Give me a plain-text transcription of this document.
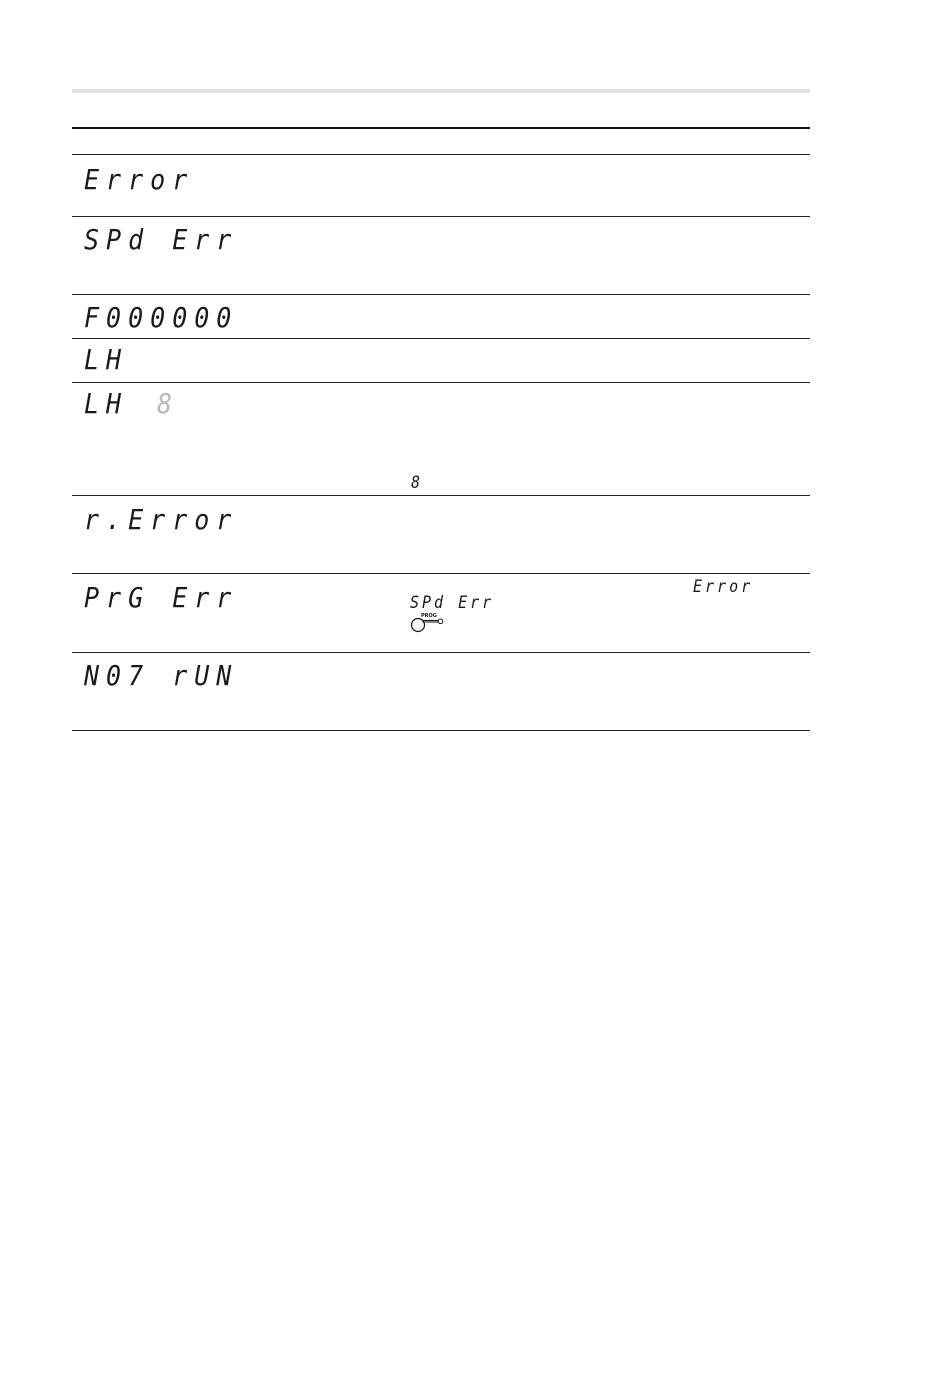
Error
SPd Err
F000000
LH
LH 8
8
r.Error
PrG Err	Error
SPd Err
PROG
N07 rUN
